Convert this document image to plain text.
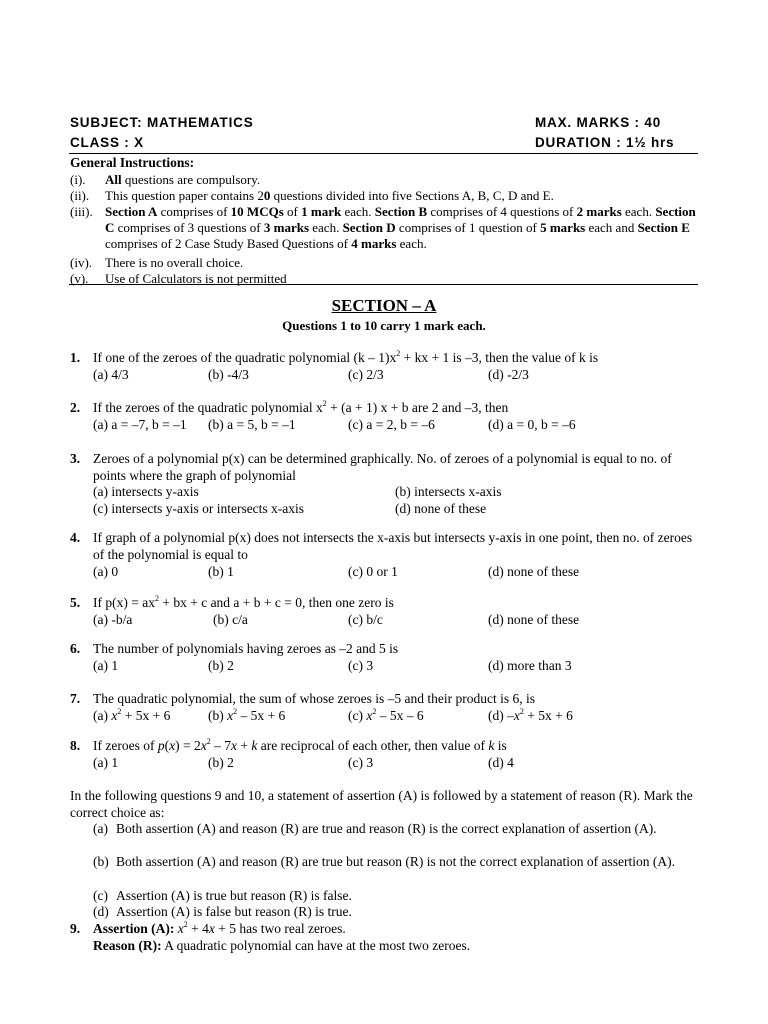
SUBJECT: MATHEMATICS	MAX. MARKS : 40
CLASS : X	DURATION : 1½ hrs
General Instructions:
(i). All questions are compulsory.
(ii). This question paper contains 20 questions divided into five Sections A, B, C, D and E.
(iii). Section A comprises of 10 MCQs of 1 mark each. Section B comprises of 4 questions of 2 marks each. Section C comprises of 3 questions of 3 marks each. Section D comprises of 1 question of 5 marks each and Section E comprises of 2 Case Study Based Questions of 4 marks each.
(iv). There is no overall choice.
(v). Use of Calculators is not permitted
SECTION – A
Questions 1 to 10 carry 1 mark each.
1. If one of the zeroes of the quadratic polynomial $(k - 1)x^2$ + kx + 1 is –3, then the value of k is
(a) 4/3	(b) -4/3	(c) 2/3	(d) -2/3
2. If the zeroes of the quadratic polynomial $x^2 + (a + 1) x + b$ are 2 and –3, then
(a) a = –7, b = –1 (b) a = 5, b = –1	(c) a = 2, b = –6	(d) a = 0, b = –6
3. Zeroes of a polynomial p(x) can be determined graphically. No. of zeroes of a polynomial is equal to no. of points where the graph of polynomial
(a) intersects y-axis	(b) intersects x-axis
(c) intersects y-axis or intersects x-axis	(d) none of these
4. If graph of a polynomial p(x) does not intersects the x-axis but intersects y-axis in one point, then no. of zeroes of the polynomial is equal to
(a) 0	(b) 1	(c) 0 or 1	(d) none of these
5. If $p(x) = ax^2$ + bx + c and a + b + c = 0, then one zero is
(a) -b/a	(b) c/a	(c) b/c	(d) none of these
6. The number of polynomials having zeroes as –2 and 5 is
(a) 1	(b) 2	(c) 3	(d) more than 3
7. The quadratic polynomial, the sum of whose zeroes is –5 and their product is 6, is
(a) $x^2 + 5x + 6$	(b) $x^2 - 5x + 6$	(c) $x^2 - 5x - 6$	(d) $-x^2 + 5x + 6$
8. If zeroes of $p(x) = 2x^2 - 7x + k$ are reciprocal of each other, then value of k is
(a) 1	(b) 2	(c) 3	(d) 4
In the following questions 9 and 10, a statement of assertion (A) is followed by a statement of reason (R). Mark the correct choice as:
(a) Both assertion (A) and reason (R) are true and reason (R) is the correct explanation of assertion (A).
(b) Both assertion (A) and reason (R) are true but reason (R) is not the correct explanation of assertion (A).
(c) Assertion (A) is true but reason (R) is false.
(d) Assertion (A) is false but reason (R) is true.
9. Assertion (A): $x^2 + 4x + 5$ has two real zeroes.
Reason (R): A quadratic polynomial can have at the most two zeroes.
